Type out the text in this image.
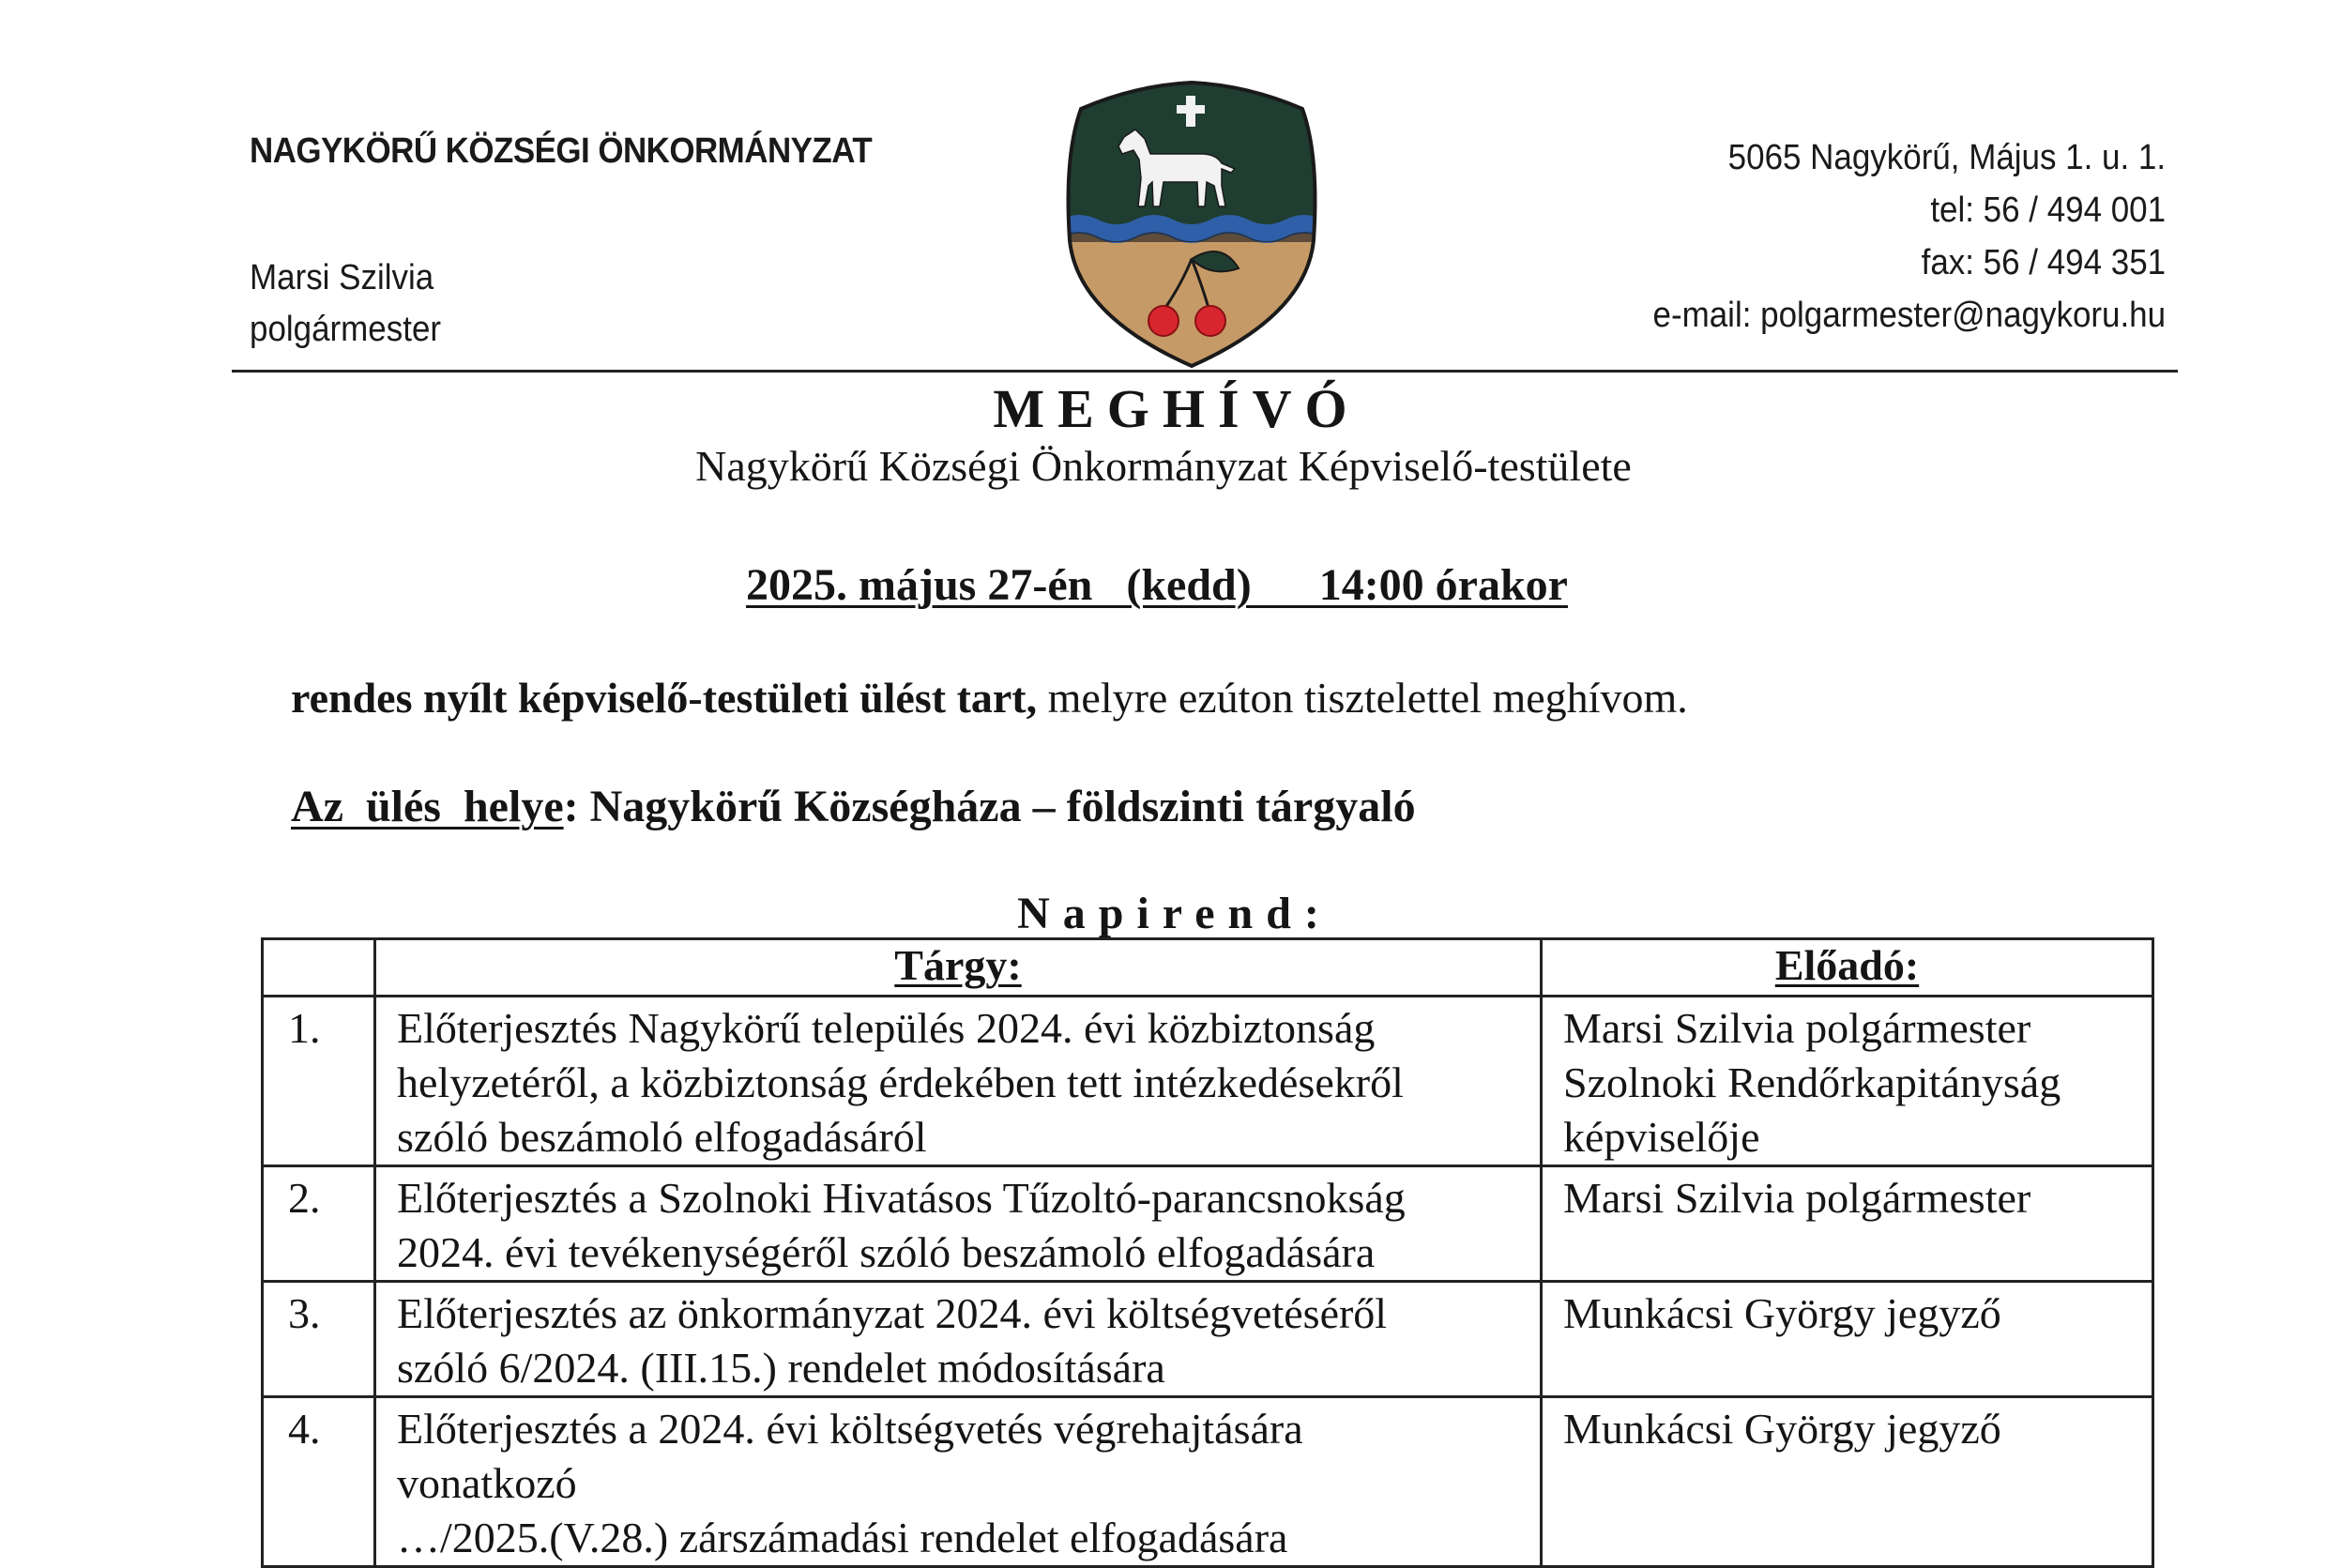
NAGYKÖRŰ KÖZSÉGI ÖNKORMÁNYZAT
Marsi Szilvia
polgármester
5065 Nagykörű, Május 1. u. 1.
tel: 56 / 494 001
fax: 56 / 494 351
e-mail: polgarmester@nagykoru.hu
MEGHÍVÓ
Nagykörű Községi Önkormányzat Képviselő-testülete
2025. május 27-én   (kedd)      14:00 órakor
rendes nyílt képviselő-testületi ülést tart, melyre ezúton tisztelettel meghívom.
Az  ülés  helye: Nagykörű Községháza – földszinti tárgyaló
Napirend:
	Tárgy:	Előadó:
1.	Előterjesztés Nagykörű település 2024. évi közbiztonság
helyzetéről, a közbiztonság érdekében tett intézkedésekről
szóló beszámoló elfogadásáról	Marsi Szilvia polgármester
Szolnoki Rendőrkapitányság
képviselője

2.	Előterjesztés a Szolnoki Hivatásos Tűzoltó-parancsnokság
2024. évi tevékenységéről szóló beszámoló elfogadására	Marsi Szilvia polgármester

3.	Előterjesztés az önkormányzat 2024. évi költségvetéséről
szóló 6/2024. (III.15.) rendelet módosítására	Munkácsi György jegyző

4.	Előterjesztés a 2024. évi költségvetés végrehajtására
vonatkozó
…/2025.(V.28.) zárszámadási rendelet elfogadására	Munkácsi György jegyző
